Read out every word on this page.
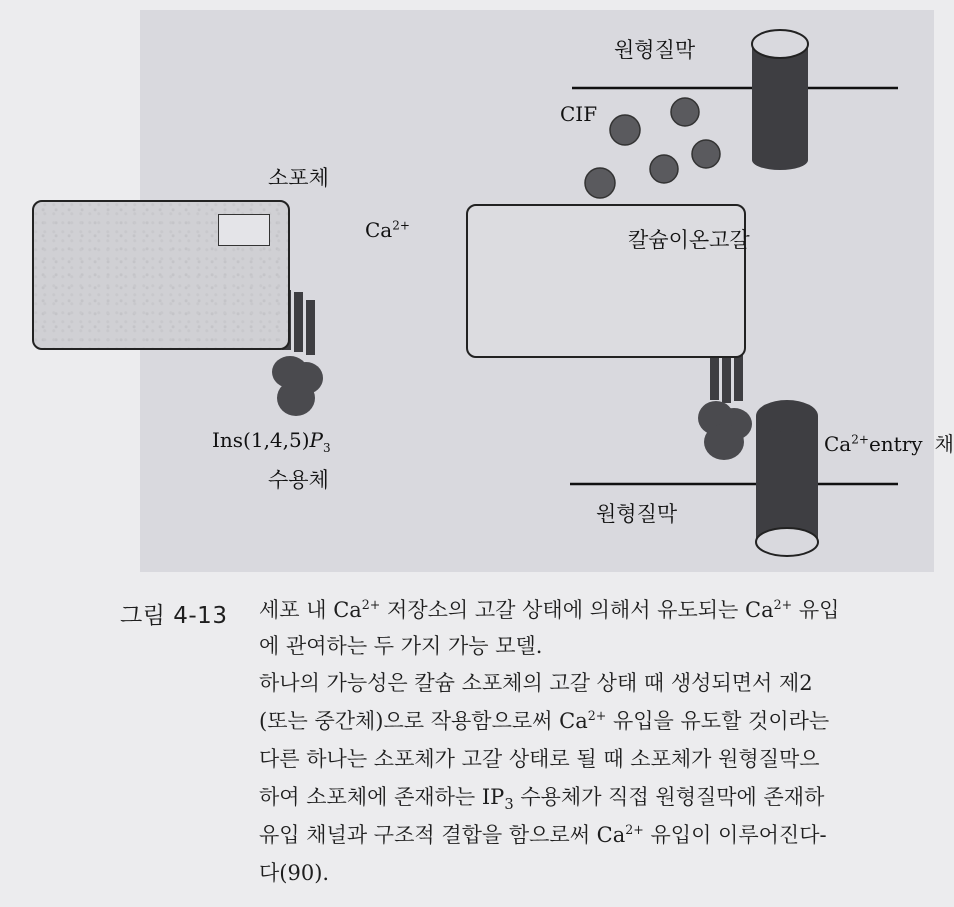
원형질막
CIF
소포체
$Ca^{2+}$
칼슘이온고갈
$Ins(1,4,5)P_3$
수용체
$Ca^{2+}entry$ 채
원형질막
그림 4-13 세포 내 $Ca^{2+}$ 저장소의 고갈 상태에 의해서 유도되는 $Ca^{2+}$ 유입
에 관여하는 두 가지 가능 모델.
하나의 가능성은 칼슘 소포체의 고갈 상태 때 생성되면서 제2
(또는 중간체)으로 작용함으로써 $Ca^{2+}$ 유입을 유도할 것이라는
다른 하나는 소포체가 고갈 상태로 될 때 소포체가 원형질막으
하여 소포체에 존재하는 $IP_3$ 수용체가 직접 원형질막에 존재하
유입 채널과 구조적 결합을 함으로써 $Ca^{2+}$ 유입이 이루어진다-
다(90).
